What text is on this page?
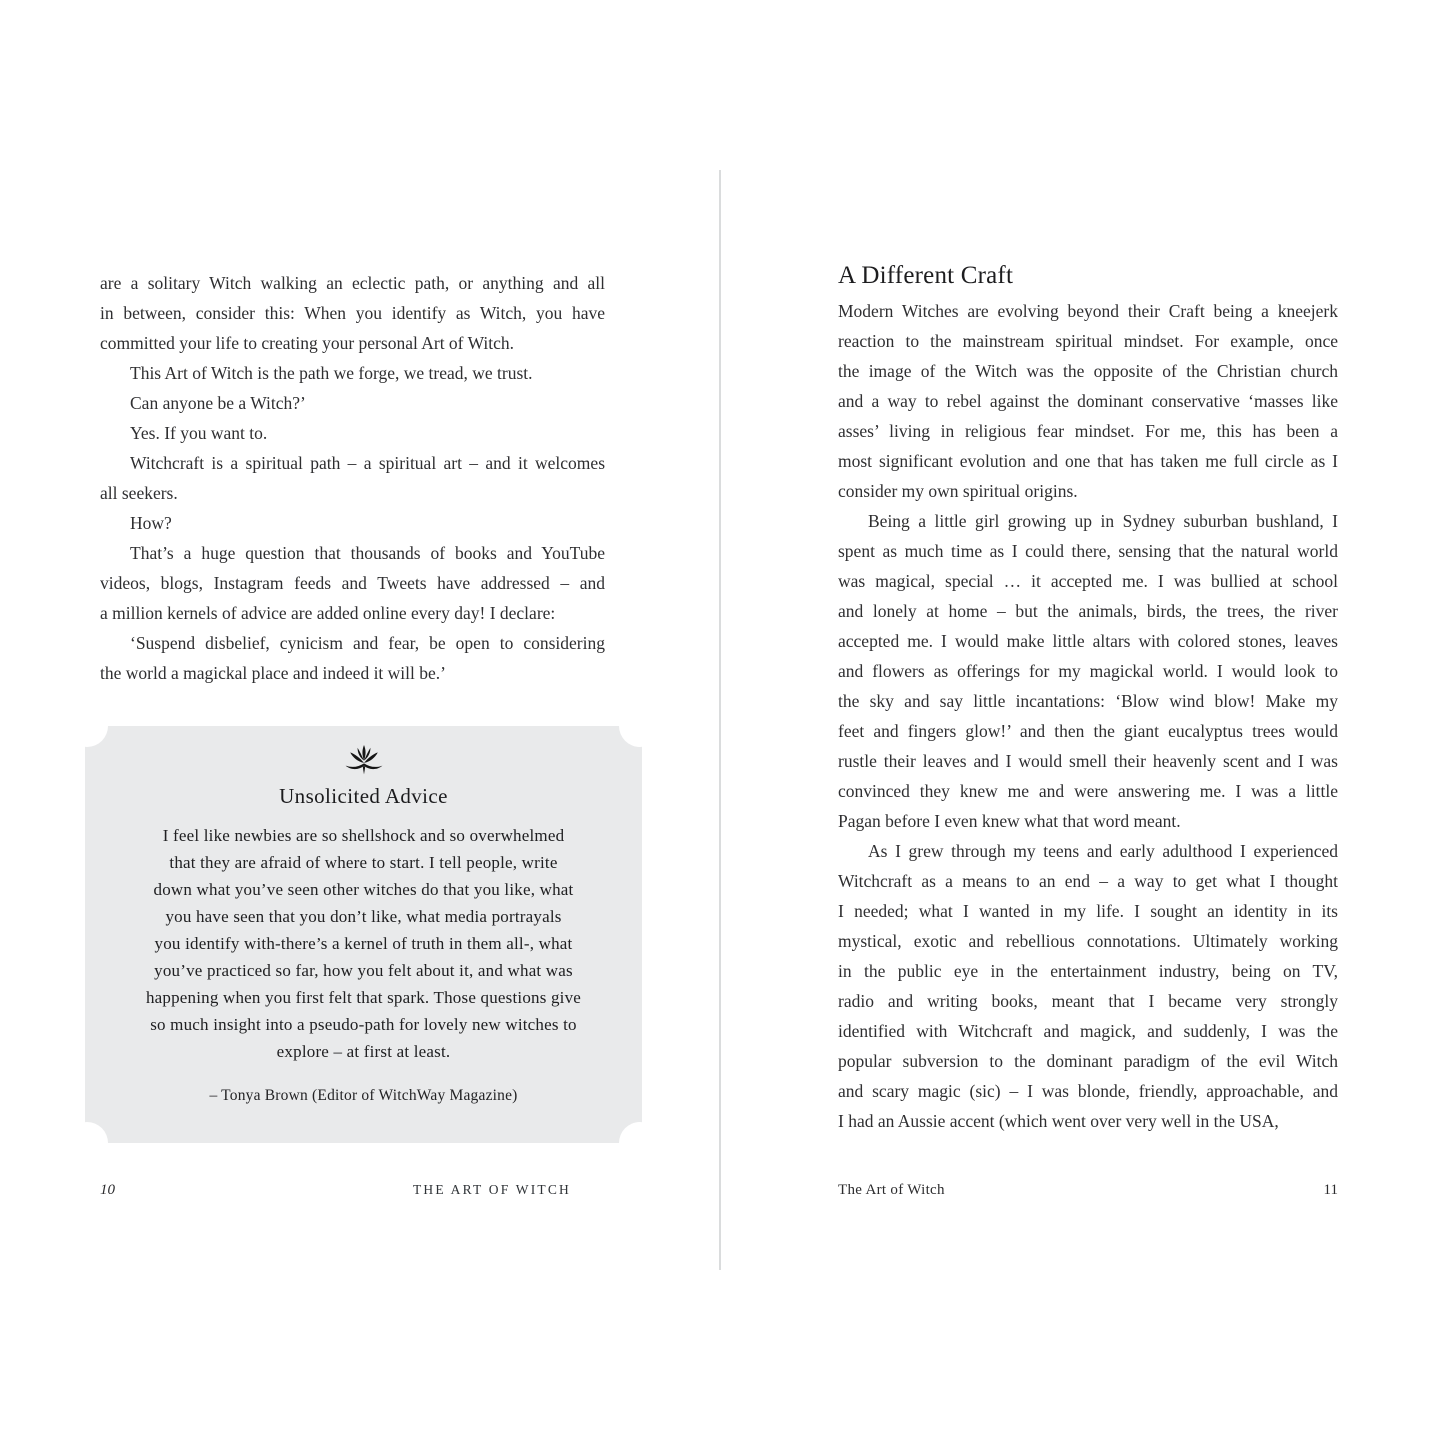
are a solitary Witch walking an eclectic path, or anything and all
in between, consider this: When you identify as Witch, you have
committed your life to creating your personal Art of Witch.
This Art of Witch is the path we forge, we tread, we trust.
Can anyone be a Witch?’
Yes. If you want to.
Witchcraft is a spiritual path – a spiritual art – and it welcomes
all seekers.
How?
That’s a huge question that thousands of books and YouTube
videos, blogs, Instagram feeds and Tweets have addressed – and
a million kernels of advice are added online every day! I declare:
‘Suspend disbelief, cynicism and fear, be open to considering
the world a magickal place and indeed it will be.’
Unsolicited Advice
I feel like newbies are so shellshock and so overwhelmed
that they are afraid of where to start. I tell people, write
down what you’ve seen other witches do that you like, what
you have seen that you don’t like, what media portrayals
you identify with-there’s a kernel of truth in them all-, what
you’ve practiced so far, how you felt about it, and what was
happening when you first felt that spark. Those questions give
so much insight into a pseudo-path for lovely new witches to
explore – at first at least.
– Tonya Brown (Editor of WitchWay Magazine)
10	THE ART OF WITCH
A Different Craft
Modern Witches are evolving beyond their Craft being a kneejerk
reaction to the mainstream spiritual mindset. For example, once
the image of the Witch was the opposite of the Christian church
and a way to rebel against the dominant conservative ‘masses like
asses’ living in religious fear mindset. For me, this has been a
most significant evolution and one that has taken me full circle as I
consider my own spiritual origins.
Being a little girl growing up in Sydney suburban bushland, I
spent as much time as I could there, sensing that the natural world
was magical, special … it accepted me. I was bullied at school
and lonely at home – but the animals, birds, the trees, the river
accepted me. I would make little altars with colored stones, leaves
and flowers as offerings for my magickal world. I would look to
the sky and say little incantations: ‘Blow wind blow! Make my
feet and fingers glow!’ and then the giant eucalyptus trees would
rustle their leaves and I would smell their heavenly scent and I was
convinced they knew me and were answering me. I was a little
Pagan before I even knew what that word meant.
As I grew through my teens and early adulthood I experienced
Witchcraft as a means to an end – a way to get what I thought
I needed; what I wanted in my life. I sought an identity in its
mystical, exotic and rebellious connotations. Ultimately working
in the public eye in the entertainment industry, being on TV,
radio and writing books, meant that I became very strongly
identified with Witchcraft and magick, and suddenly, I was the
popular subversion to the dominant paradigm of the evil Witch
and scary magic (sic) – I was blonde, friendly, approachable, and
I had an Aussie accent (which went over very well in the USA,
The Art of Witch	11
